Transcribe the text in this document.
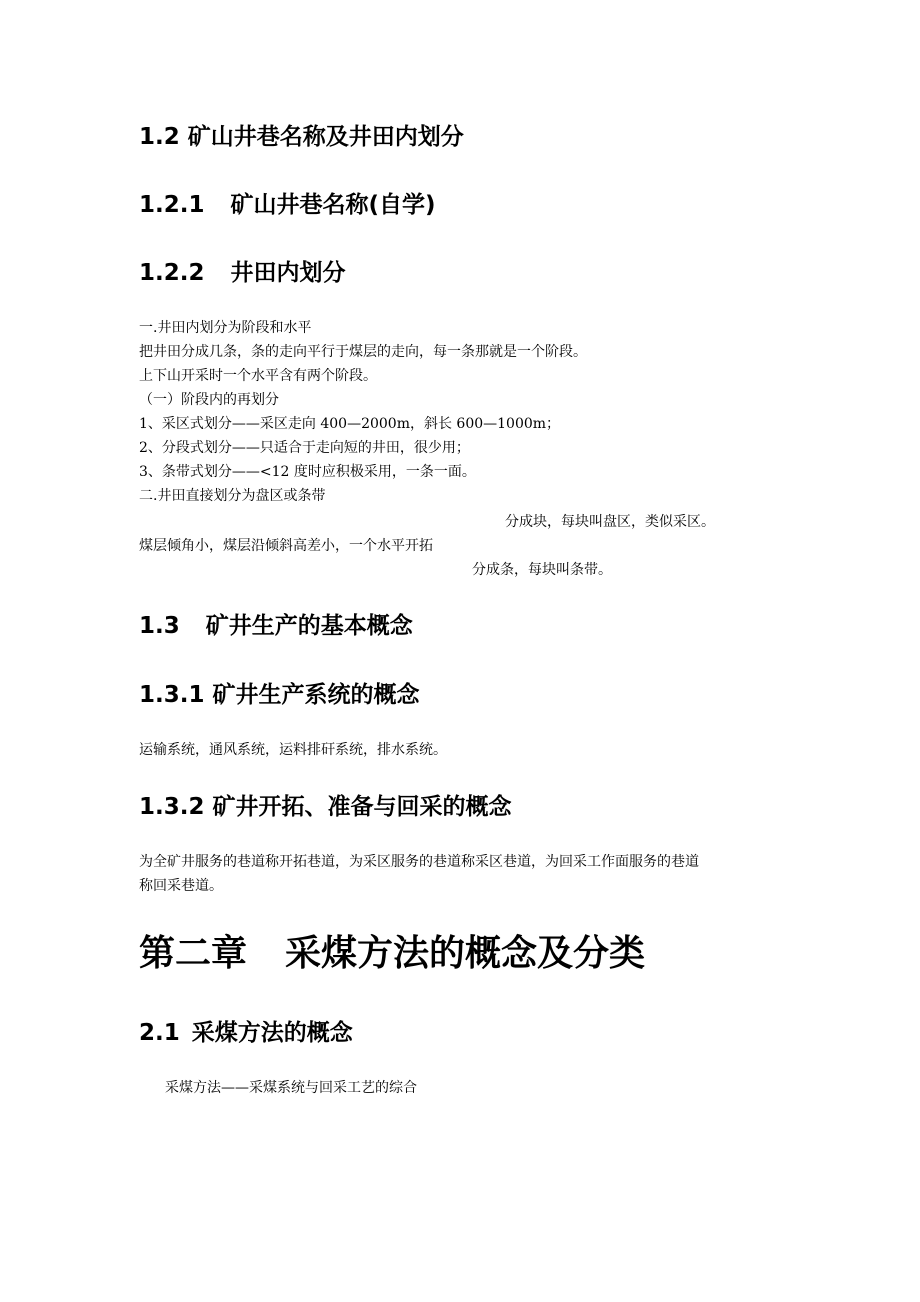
1.2 矿山井巷名称及井田内划分
1.2.1 矿山井巷名称(自学)
1.2.2 井田内划分
一.井田内划分为阶段和水平
把井田分成几条，条的走向平行于煤层的走向，每一条那就是一个阶段。
上下山开采时一个水平含有两个阶段。
（一）阶段内的再划分
1、采区式划分——采区走向 400—2000m，斜长 600—1000m；
2、分段式划分——只适合于走向短的井田，很少用；
3、条带式划分——<12 度时应积极采用，一条一面。
二.井田直接划分为盘区或条带
分成块，每块叫盘区，类似采区。
煤层倾角小，煤层沿倾斜高差小，一个水平开拓
分成条，每块叫条带。
1.3 矿井生产的基本概念
1.3.1 矿井生产系统的概念
运输系统，通风系统，运料排矸系统，排水系统。
1.3.2 矿井开拓、准备与回采的概念
为全矿井服务的巷道称开拓巷道，为采区服务的巷道称采区巷道，为回采工作面服务的巷道
称回采巷道。
第二章 采煤方法的概念及分类
2.1 采煤方法的概念
采煤方法——采煤系统与回采工艺的综合
